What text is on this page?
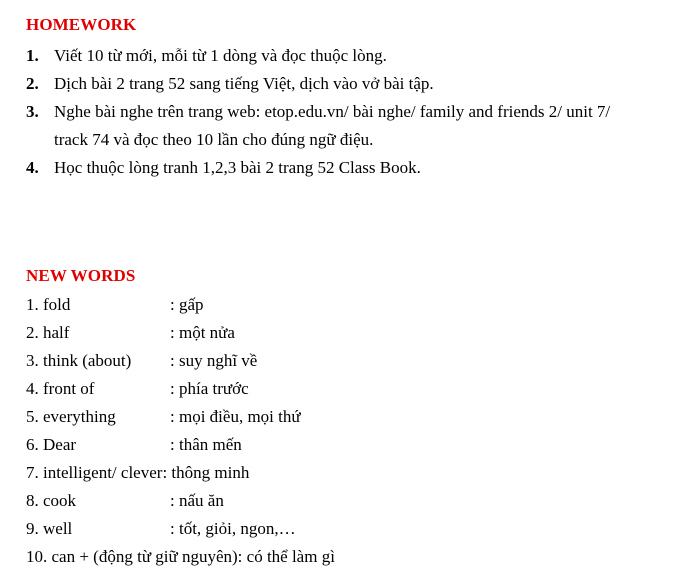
HOMEWORK
1. Viết 10 từ mới, mỗi từ 1 dòng và đọc thuộc lòng.
2. Dịch bài 2 trang 52 sang tiếng Việt, dịch vào vở bài tập.
3. Nghe bài nghe trên trang web: etop.edu.vn/ bài nghe/ family and friends 2/ unit 7/
track 74 và đọc theo 10 lần cho đúng ngữ điệu.
4. Học thuộc lòng tranh 1,2,3 bài 2 trang 52 Class Book.
NEW WORDS
1. fold	: gấp
2. half	: một nửa
3. think (about) : suy nghĩ về
4. front of	: phía trước
5. everything	: mọi điều, mọi thứ
6. Dear	: thân mến
7. intelligent/ clever: thông minh
8. cook	: nấu ăn
9. well	: tốt, giỏi, ngon,…
10. can + (động từ giữ nguyên): có thể làm gì
